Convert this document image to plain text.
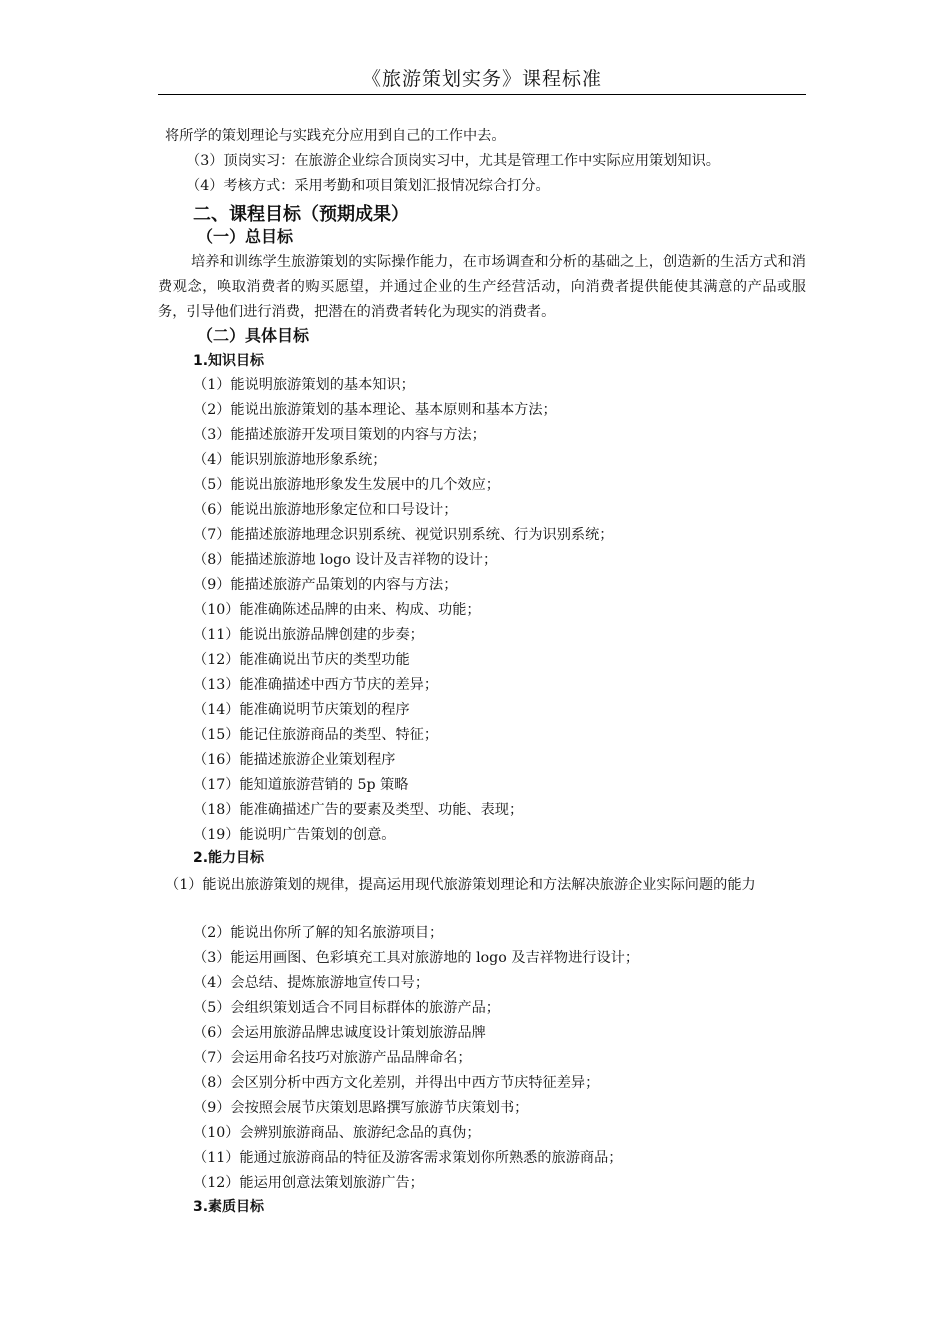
《旅游策划实务》课程标准
将所学的策划理论与实践充分应用到自己的工作中去。
（3）顶岗实习：在旅游企业综合顶岗实习中，尤其是管理工作中实际应用策划知识。
（4）考核方式：采用考勤和项目策划汇报情况综合打分。
二、课程目标（预期成果）
（一）总目标
培养和训练学生旅游策划的实际操作能力，在市场调查和分析的基础之上，创造新的生活方式和消费观念，唤取消费者的购买愿望，并通过企业的生产经营活动，向消费者提供能使其满意的产品或服务，引导他们进行消费，把潜在的消费者转化为现实的消费者。
（二）具体目标
1.知识目标
（1）能说明旅游策划的基本知识；
（2）能说出旅游策划的基本理论、基本原则和基本方法；
（3）能描述旅游开发项目策划的内容与方法；
（4）能识别旅游地形象系统；
（5）能说出旅游地形象发生发展中的几个效应；
（6）能说出旅游地形象定位和口号设计；
（7）能描述旅游地理念识别系统、视觉识别系统、行为识别系统；
（8）能描述旅游地 logo 设计及吉祥物的设计；
（9）能描述旅游产品策划的内容与方法；
（10）能准确陈述品牌的由来、构成、功能；
（11）能说出旅游品牌创建的步奏；
（12）能准确说出节庆的类型功能
（13）能准确描述中西方节庆的差异；
（14）能准确说明节庆策划的程序
（15）能记住旅游商品的类型、特征；
（16）能描述旅游企业策划程序
（17）能知道旅游营销的 5p 策略
（18）能准确描述广告的要素及类型、功能、表现；
（19）能说明广告策划的创意。
2.能力目标
（1）能说出旅游策划的规律，提高运用现代旅游策划理论和方法解决旅游企业实际问题的能力
（2）能说出你所了解的知名旅游项目；
（3）能运用画图、色彩填充工具对旅游地的 logo 及吉祥物进行设计；
（4）会总结、提炼旅游地宣传口号；
（5）会组织策划适合不同目标群体的旅游产品；
（6）会运用旅游品牌忠诚度设计策划旅游品牌
（7）会运用命名技巧对旅游产品品牌命名；
（8）会区别分析中西方文化差别，并得出中西方节庆特征差异；
（9）会按照会展节庆策划思路撰写旅游节庆策划书；
（10）会辨别旅游商品、旅游纪念品的真伪；
（11）能通过旅游商品的特征及游客需求策划你所熟悉的旅游商品；
（12）能运用创意法策划旅游广告；
3.素质目标
